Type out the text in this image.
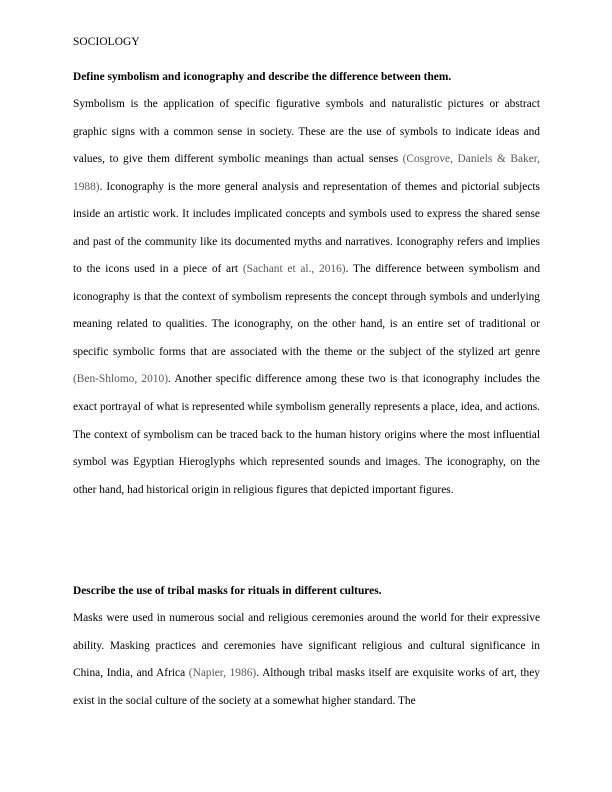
SOCIOLOGY
Define symbolism and iconography and describe the difference between them.

Symbolism is the application of specific figurative symbols and naturalistic pictures or abstract graphic signs with a common sense in society. These are the use of symbols to indicate ideas and values, to give them different symbolic meanings than actual senses (Cosgrove, Daniels & Baker, 1988). Iconography is the more general analysis and representation of themes and pictorial subjects inside an artistic work. It includes implicated concepts and symbols used to express the shared sense and past of the community like its documented myths and narratives. Iconography refers and implies to the icons used in a piece of art (Sachant et al., 2016). The difference between symbolism and iconography is that the context of symbolism represents the concept through symbols and underlying meaning related to qualities. The iconography, on the other hand, is an entire set of traditional or specific symbolic forms that are associated with the theme or the subject of the stylized art genre (Ben-Shlomo, 2010). Another specific difference among these two is that iconography includes the exact portrayal of what is represented while symbolism generally represents a place, idea, and actions. The context of symbolism can be traced back to the human history origins where the most influential symbol was Egyptian Hieroglyphs which represented sounds and images. The iconography, on the other hand, had historical origin in religious figures that depicted important figures.

Describe the use of tribal masks for rituals in different cultures.

Masks were used in numerous social and religious ceremonies around the world for their expressive ability. Masking practices and ceremonies have significant religious and cultural significance in China, India, and Africa (Napier, 1986). Although tribal masks itself are exquisite works of art, they exist in the social culture of the society at a somewhat higher standard. The
